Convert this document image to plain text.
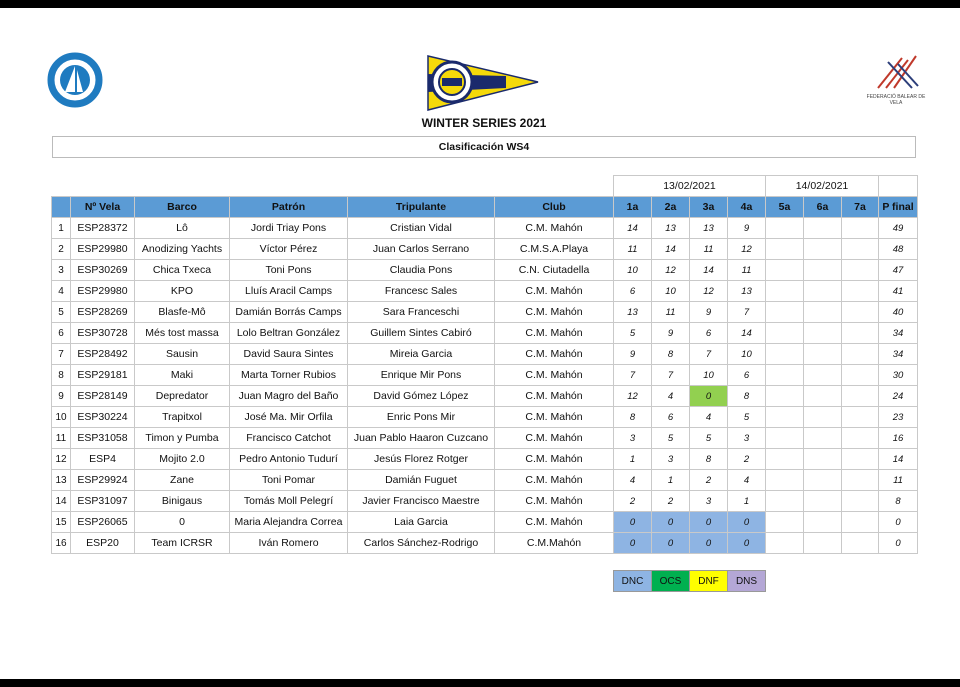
FEDERACIÓ BALEAR DE VELA
WINTER SERIES 2021
Clasificación WS4
						13/02/2021				14/02/2021			
	Nº Vela	Barco	Patrón	Tripulante	Club	1a	2a	3a	4a	5a	6a	7a	P final
1	ESP28372	Lô	Jordi Triay Pons	Cristian Vidal	C.M. Mahón	14	13	13	9				49
2	ESP29980	Anodizing Yachts	Víctor Pérez	Juan Carlos Serrano	C.M.S.A.Playa	11	14	11	12				48
3	ESP30269	Chica Txeca	Toni Pons	Claudia Pons	C.N. Ciutadella	10	12	14	11				47
4	ESP29980	KPO	Lluís Aracil Camps	Francesc Sales	C.M. Mahón	6	10	12	13				41
5	ESP28269	Blasfe-Mô	Damián Borrás Camps	Sara Franceschi	C.M. Mahón	13	11	9	7				40
6	ESP30728	Més tost massa	Lolo Beltran González	Guillem Sintes Cabiró	C.M. Mahón	5	9	6	14				34
7	ESP28492	Sausin	David Saura Sintes	Mireia Garcia	C.M. Mahón	9	8	7	10				34
8	ESP29181	Maki	Marta Torner Rubios	Enrique Mir Pons	C.M. Mahón	7	7	10	6				30
9	ESP28149	Depredator	Juan Magro del Baño	David Gómez López	C.M. Mahón	12	4	0	8				24
10	ESP30224	Trapitxol	José Ma. Mir Orfila	Enric Pons Mir	C.M. Mahón	8	6	4	5				23
11	ESP31058	Timon y Pumba	Francisco Catchot	Juan Pablo Haaron Cuzcano	C.M. Mahón	3	5	5	3				16
12	ESP4	Mojito 2.0	Pedro Antonio Tudurí	Jesús Florez Rotger	C.M. Mahón	1	3	8	2				14
13	ESP29924	Zane	Toni Pomar	Damián Fuguet	C.M. Mahón	4	1	2	4				11
14	ESP31097	Binigaus	Tomás Moll Pelegrí	Javier Francisco Maestre	C.M. Mahón	2	2	3	1				8
15	ESP26065	0	Maria Alejandra Correa	Laia Garcia	C.M. Mahón	0	0	0	0				0
16	ESP20	Team ICRSR	Iván Romero	Carlos Sánchez-Rodrigo	C.M.Mahón	0	0	0	0				0
DNC	OCS	DNF	DNS
